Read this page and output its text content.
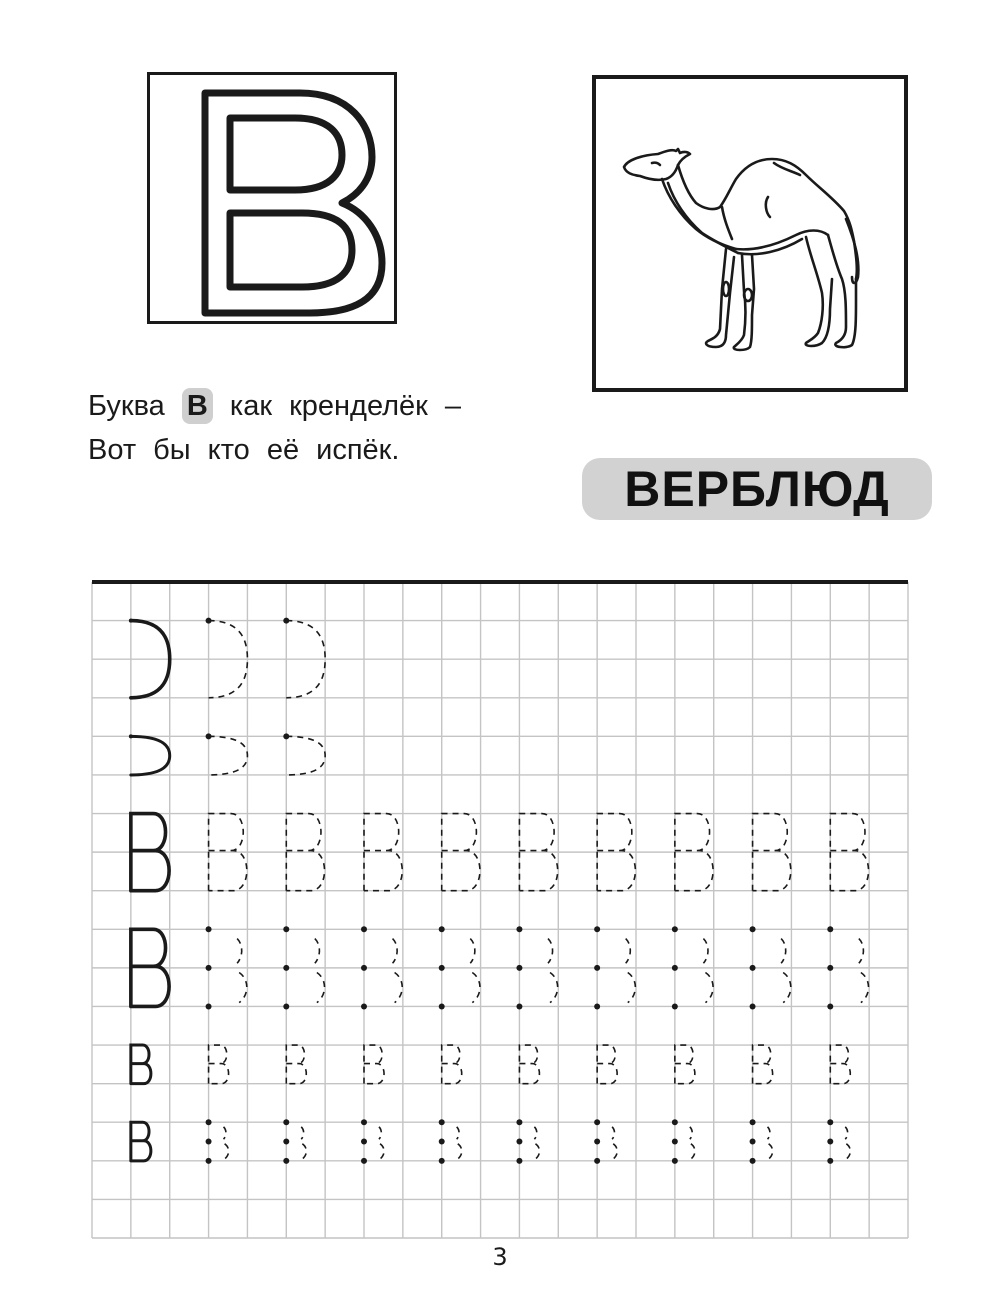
Буква В как кренделёк –
Вот бы кто её испёк.
ВЕРБЛЮД
3
